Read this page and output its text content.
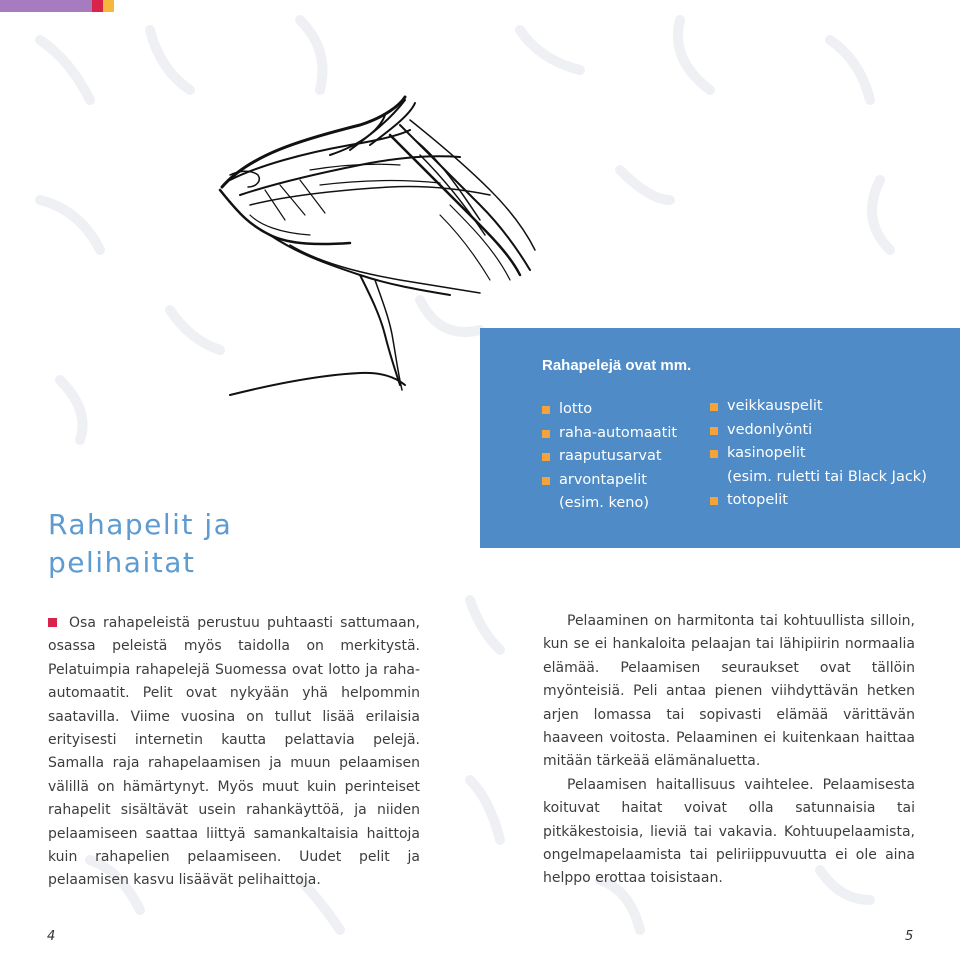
Rahapelejä ovat mm.
lotto
raha-automaatit
raaputusarvat
arvontapelit
(esim. keno)
veikkauspelit
vedonlyönti
kasinopelit
(esim. ruletti tai Black Jack)
totopelit
Rahapelit ja
pelihaitat

Osa rahapeleistä perustuu puhtaasti sattumaan, osassa peleistä myös taidolla on merkitystä. Pelatuimpia rahapelejä Suomessa ovat lotto ja raha-automaatit. Pelit ovat nykyään yhä helpommin saatavilla. Viime vuosina on tullut lisää erilaisia erityisesti internetin kautta pelattavia pelejä. Samalla raja rahapelaamisen ja muun pelaamisen välillä on hämärtynyt. Myös muut kuin perinteiset rahapelit sisältävät usein rahankäyttöä, ja niiden pelaamiseen saattaa liittyä samankaltaisia haittoja kuin rahapelien pelaamiseen. Uudet pelit ja pelaamisen kasvu lisäävät pelihaittoja.

Pelaaminen on harmitonta tai kohtuullista silloin, kun se ei hankaloita pelaajan tai lähipiirin normaalia elämää. Pelaamisen seuraukset ovat tällöin myönteisiä. Peli antaa pienen viihdyttävän hetken arjen lomassa tai sopivasti elämää värittävän haaveen voitosta. Pelaaminen ei kuitenkaan haittaa mitään tärkeää elämänaluetta.

Pelaamisen haitallisuus vaihtelee. Pelaamisesta koituvat haitat voivat olla satunnaisia tai pitkäkestoisia, lieviä tai vakavia. Kohtuupelaamista, ongelmapelaamista tai peliriippuvuutta ei ole aina helppo erottaa toisistaan.

4	5
